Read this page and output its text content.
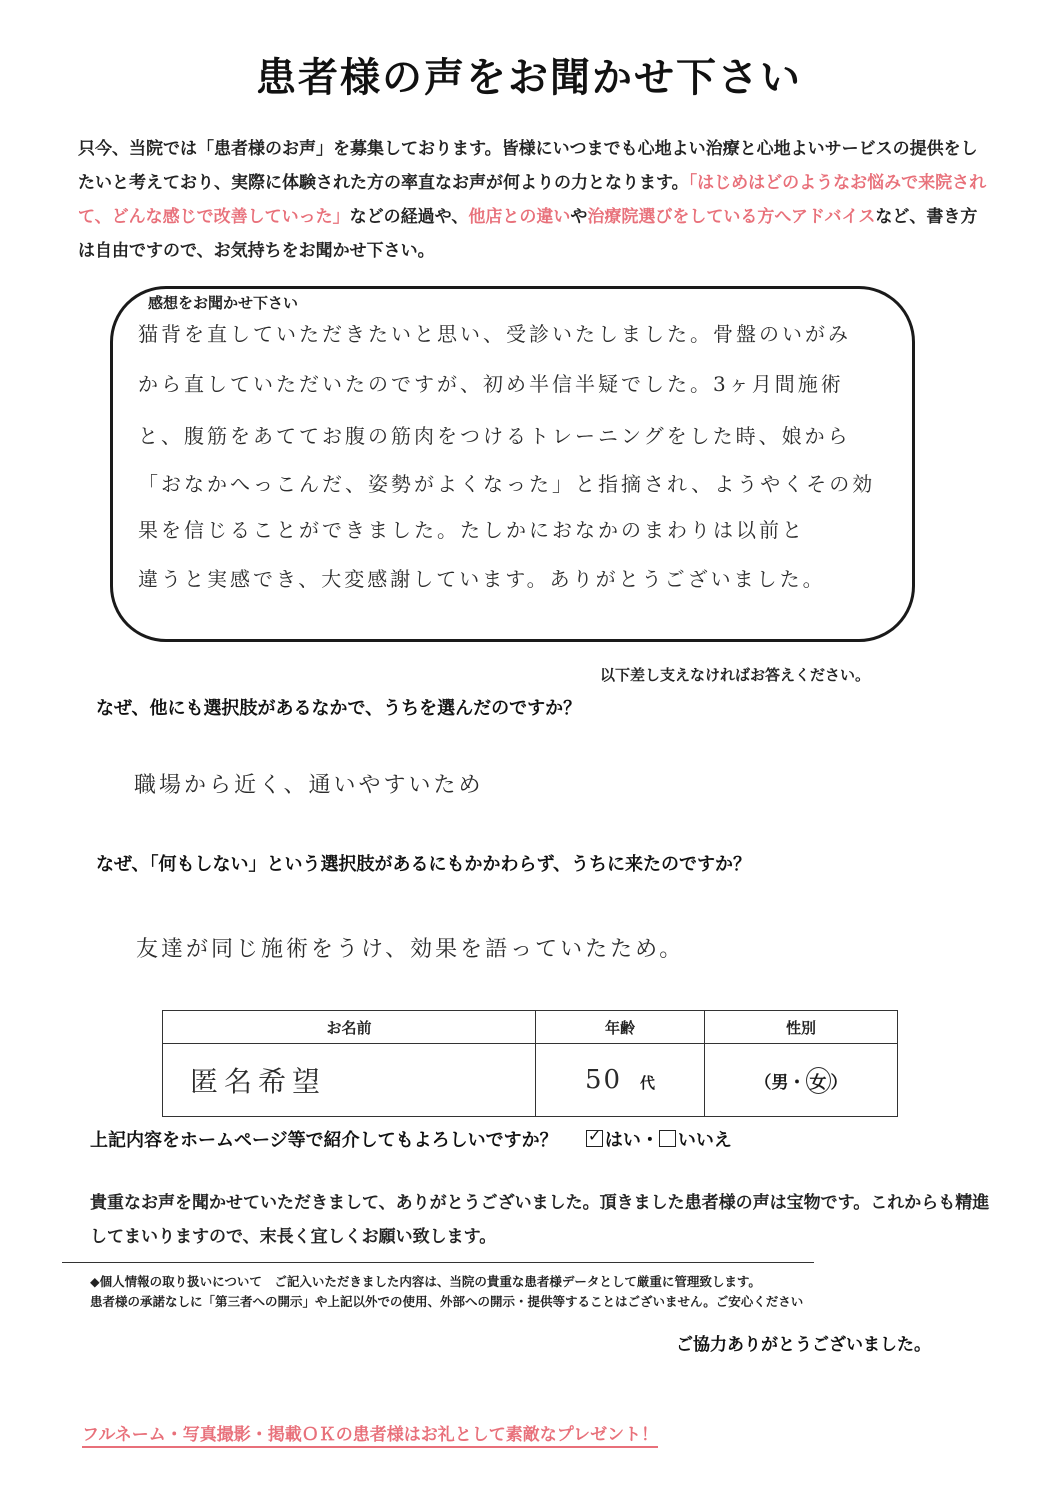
患者様の声をお聞かせ下さい
只今、当院では「患者様のお声」を募集しております。皆様にいつまでも心地よい治療と心地よいサービスの提供をしたいと考えており、実際に体験された方の率直なお声が何よりの力となります。「はじめはどのようなお悩みで来院されて、どんな感じで改善していった」などの経過や、他店との違いや治療院選びをしている方へアドバイスなど、書き方は自由ですので、お気持ちをお聞かせ下さい。
感想をお聞かせ下さい
猫背を直していただきたいと思い、受診いたしました。骨盤のいがみ
から直していただいたのですが、初め半信半疑でした。3ヶ月間施術
と、腹筋をあててお腹の筋肉をつけるトレーニングをした時、娘から
「おなかへっこんだ、姿勢がよくなった」と指摘され、ようやくその効
果を信じることができました。たしかにおなかのまわりは以前と
違うと実感でき、大変感謝しています。ありがとうございました。
以下差し支えなければお答えください。
なぜ、他にも選択肢があるなかで、うちを選んだのですか？
職場から近く、通いやすいため
なぜ、「何もしない」という選択肢があるにもかかわらず、うちに来たのですか？
友達が同じ施術をうけ、効果を語っていたため。
お名前	年齢	性別
匿名希望	50 代	（男・ 女 ）
上記内容をホームページ等で紹介してもよろしいですか？ ✓	はい・ いいえ
貴重なお声を聞かせていただきまして、ありがとうございました。頂きました患者様の声は宝物です。これからも精進してまいりますので、末長く宜しくお願い致します。
◆個人情報の取り扱いについて　ご記入いただきました内容は、当院の貴重な患者様データとして厳重に管理致します。
患者様の承諾なしに「第三者への開示」や上記以外での使用、外部への開示・提供等することはございません。ご安心ください
ご協力ありがとうございました。
フルネーム・写真撮影・掲載ＯＫの患者様はお礼として素敵なプレゼント！
